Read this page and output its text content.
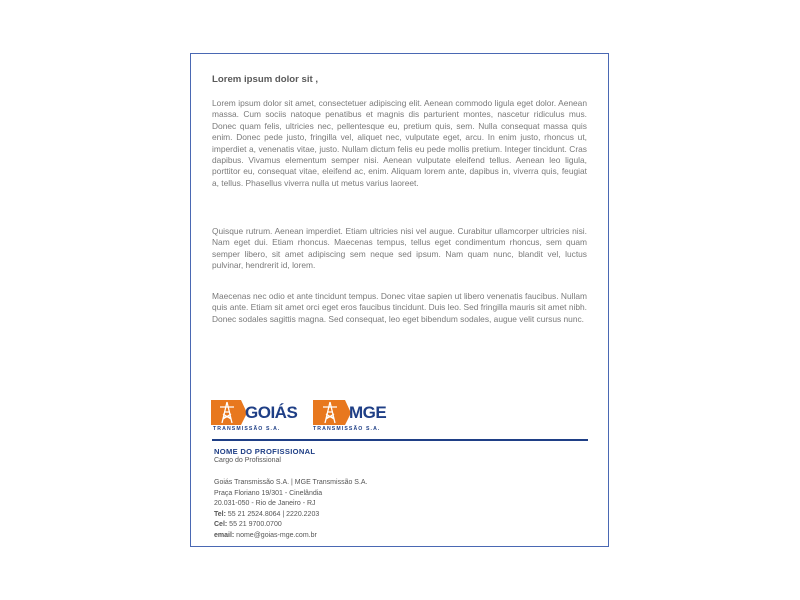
Lorem ipsum dolor sit ,

Lorem ipsum dolor sit amet, consectetuer adipiscing elit. Aenean commodo ligula eget dolor. Aenean massa. Cum sociis natoque penatibus et magnis dis parturient montes, nascetur ridiculus mus. Donec quam felis, ultricies nec, pellentesque eu, pretium quis, sem. Nulla consequat massa quis enim. Donec pede justo, fringilla vel, aliquet nec, vulputate eget, arcu. In enim justo, rhoncus ut, imperdiet a, venenatis vitae, justo. Nullam dictum felis eu pede mollis pretium. Integer tincidunt. Cras dapibus. Vivamus elementum semper nisi. Aenean vulputate eleifend tellus. Aenean leo ligula, porttitor eu, consequat vitae, eleifend ac, enim. Aliquam lorem ante, dapibus in, viverra quis, feugiat a, tellus. Phasellus viverra nulla ut metus varius laoreet.

Quisque rutrum. Aenean imperdiet. Etiam ultricies nisi vel augue. Curabitur ullamcorper ultricies nisi. Nam eget dui. Etiam rhoncus. Maecenas tempus, tellus eget condimentum rhoncus, sem quam semper libero, sit amet adipiscing sem neque sed ipsum. Nam quam nunc, blandit vel, luctus pulvinar, hendrerit id, lorem.

Maecenas nec odio et ante tincidunt tempus. Donec vitae sapien ut libero venenatis faucibus. Nullam quis ante. Etiam sit amet orci eget eros faucibus tincidunt. Duis leo. Sed fringilla mauris sit amet nibh. Donec sodales sagittis magna. Sed consequat, leo eget bibendum sodales, augue velit cursus nunc.

GOIÁS
TRANSMISSÃO S.A.
MGE
TRANSMISSÃO S.A.
NOME DO PROFISSIONAL
Cargo do Profissional
Goiás Transmissão S.A. | MGE Transmissão S.A.
Praça Floriano 19/301 - Cinelândia
20.031-050 - Rio de Janeiro - RJ
Tel: 55 21 2524.8064 | 2220.2203
Cel: 55 21 9700.0700
email: nome@goias-mge.com.br
